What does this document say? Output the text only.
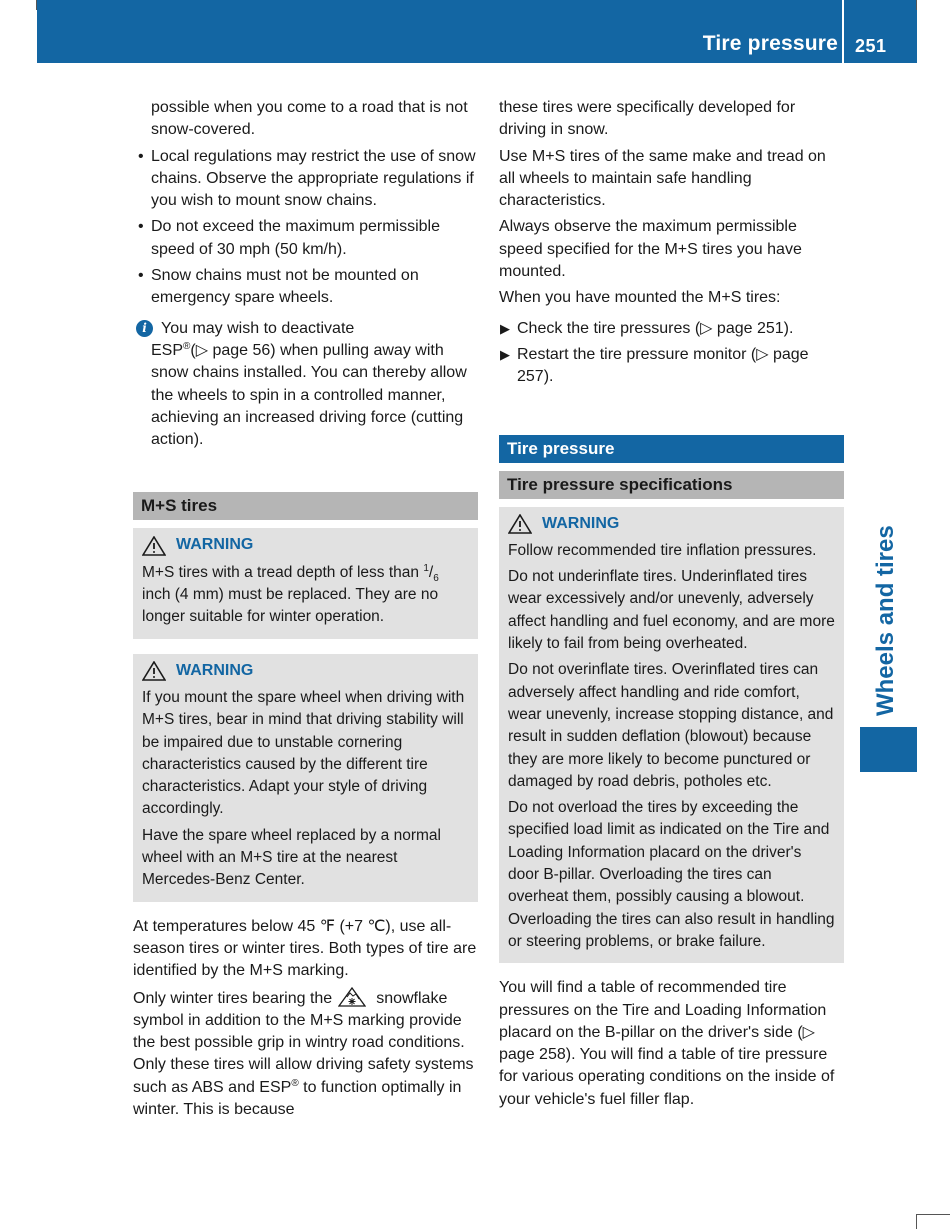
Tire pressure 251
Wheels and tires

possible when you come to a road that is not snow-covered.

• Local regulations may restrict the use of snow chains. Observe the appropriate regulations if you wish to mount snow chains.
• Do not exceed the maximum permissible speed of 30 mph (50 km/h).
• Snow chains must not be mounted on emergency spare wheels.
i You may wish to deactivate
ESP®(▷ page 56) when pulling away with snow chains installed. You can thereby allow the wheels to spin in a controlled manner, achieving an increased driving force (cutting action).
M+S tires
WARNING

M+S tires with a tread depth of less than $^1/_6$ inch (4 mm) must be replaced. They are no longer suitable for winter operation.

WARNING

If you mount the spare wheel when driving with M+S tires, bear in mind that driving stability will be impaired due to unstable cornering characteristics caused by the different tire characteristics. Adapt your style of driving accordingly.

Have the spare wheel replaced by a normal wheel with an M+S tire at the nearest Mercedes-Benz Center.

At temperatures below 45 ℉ (+7 ℃), use all-season tires or winter tires. Both types of tire are identified by the M+S marking.

Only winter tires bearing the	snowflake symbol in addition to the M+S marking provide the best possible grip in wintry road conditions. Only these tires will allow driving safety systems such as ABS and ESP® to function optimally in winter. This is because

these tires were specifically developed for driving in snow.

Use M+S tires of the same make and tread on all wheels to maintain safe handling characteristics.

Always observe the maximum permissible speed specified for the M+S tires you have mounted.

When you have mounted the M+S tires:

▶ Check the tire pressures (▷ page 251).
▶ Restart the tire pressure monitor (▷ page 257).
Tire pressure
Tire pressure specifications
WARNING

Follow recommended tire inflation pressures.

Do not underinflate tires. Underinflated tires wear excessively and/or unevenly, adversely affect handling and fuel economy, and are more likely to fail from being overheated.

Do not overinflate tires. Overinflated tires can adversely affect handling and ride comfort, wear unevenly, increase stopping distance, and result in sudden deflation (blowout) because they are more likely to become punctured or damaged by road debris, potholes etc.

Do not overload the tires by exceeding the specified load limit as indicated on the Tire and Loading Information placard on the driver's door B-pillar. Overloading the tires can overheat them, possibly causing a blowout. Overloading the tires can also result in handling or steering problems, or brake failure.

You will find a table of recommended tire pressures on the Tire and Loading Information placard on the B-pillar on the driver's side (▷ page 258). You will find a table of tire pressure for various operating conditions on the inside of your vehicle's fuel filler flap.
